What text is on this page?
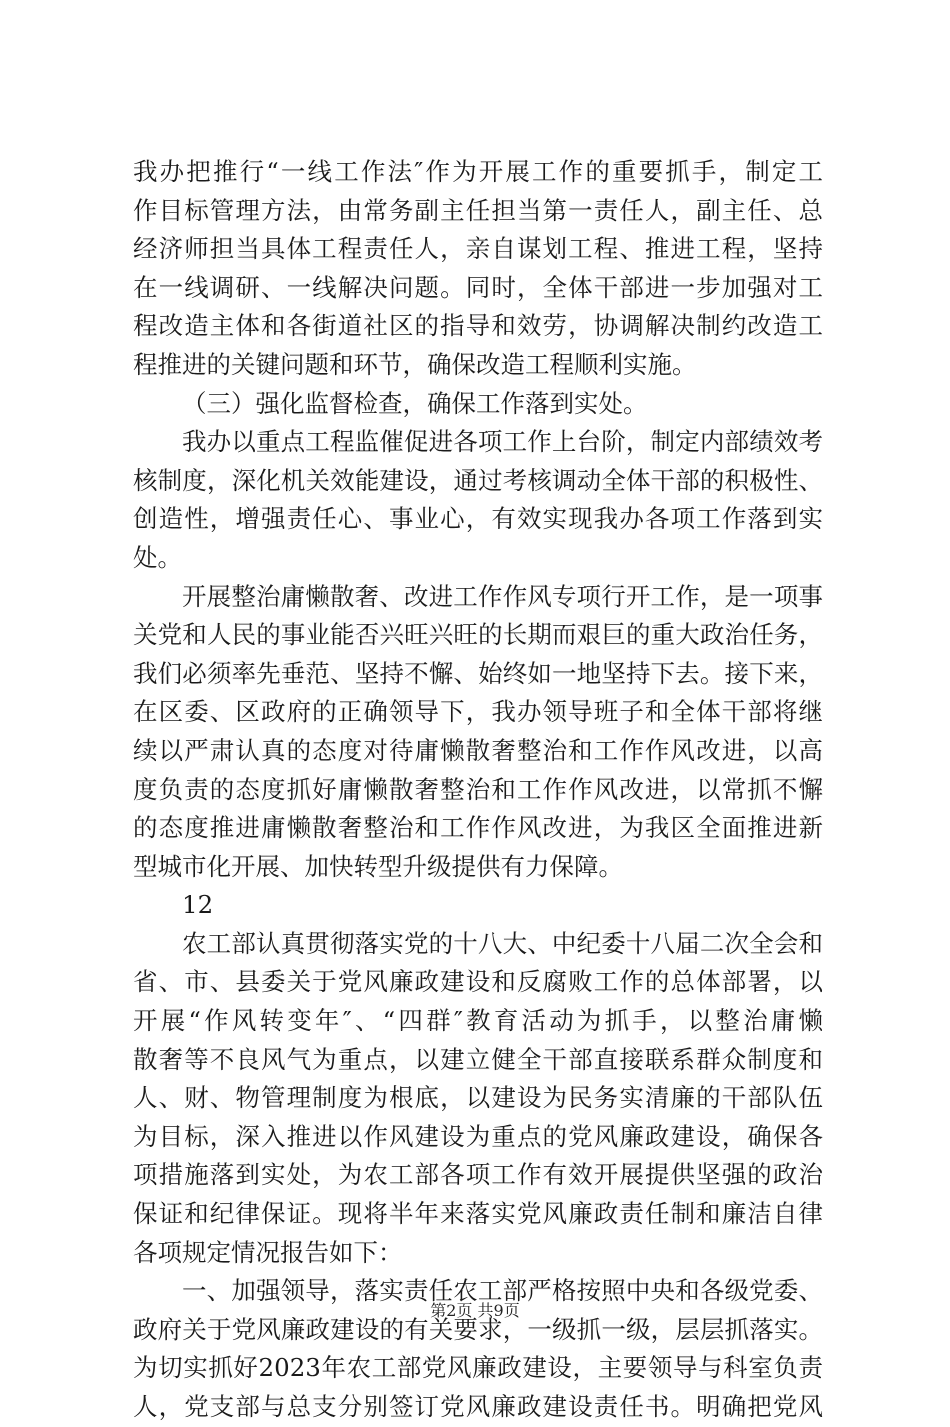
我办把推行“一线工作法″作为开展工作的重要抓手，制定工
作目标管理方法，由常务副主任担当第一责任人，副主任、总
经济师担当具体工程责任人，亲自谋划工程、推进工程，坚持
在一线调研、一线解决问题。同时，全体干部进一步加强对工
程改造主体和各街道社区的指导和效劳，协调解决制约改造工
程推进的关键问题和环节，确保改造工程顺利实施。
（三）强化监督检查，确保工作落到实处。
我办以重点工程监催促进各项工作上台阶，制定内部绩效考
核制度，深化机关效能建设，通过考核调动全体干部的积极性、
创造性，增强责任心、事业心，有效实现我办各项工作落到实
处。
开展整治庸懒散奢、改进工作作风专项行开工作，是一项事
关党和人民的事业能否兴旺兴旺的长期而艰巨的重大政治任务，
我们必须率先垂范、坚持不懈、始终如一地坚持下去。接下来，
在区委、区政府的正确领导下，我办领导班子和全体干部将继
续以严肃认真的态度对待庸懒散奢整治和工作作风改进，以高
度负责的态度抓好庸懒散奢整治和工作作风改进，以常抓不懈
的态度推进庸懒散奢整治和工作作风改进，为我区全面推进新
型城市化开展、加快转型升级提供有力保障。
12
农工部认真贯彻落实党的十八大、中纪委十八届二次全会和
省、市、县委关于党风廉政建设和反腐败工作的总体部署，以
开展“作风转变年″、“四群″教育活动为抓手，以整治庸懒
散奢等不良风气为重点，以建立健全干部直接联系群众制度和
人、财、物管理制度为根底，以建设为民务实清廉的干部队伍
为目标，深入推进以作风建设为重点的党风廉政建设，确保各
项措施落到实处，为农工部各项工作有效开展提供坚强的政治
保证和纪律保证。现将半年来落实党风廉政责任制和廉洁自律
各项规定情况报告如下：
一、加强领导，落实责任农工部严格按照中央和各级党委、
政府关于党风廉政建设的有关要求，一级抓一级，层层抓落实。
为切实抓好2023年农工部党风廉政建设，主要领导与科室负责
人，党支部与总支分别签订党风廉政建设责任书。明确把党风
第2页 共9页
